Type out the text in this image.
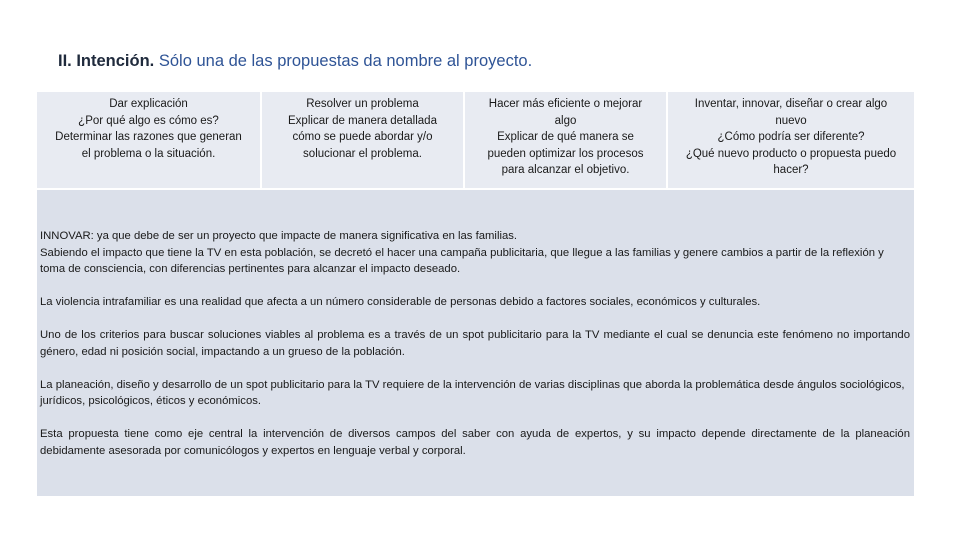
II. Intención. Sólo una de las propuestas da nombre al proyecto.
Dar explicación
¿Por qué algo es cómo es?
Determinar las razones que generan
el problema o la situación.
Resolver un problema
Explicar de manera detallada
cómo se puede abordar y/o
solucionar el problema.
Hacer más eficiente o mejorar
algo
Explicar de qué manera se
pueden optimizar los procesos
para alcanzar el objetivo.
Inventar, innovar, diseñar o crear algo
nuevo
¿Cómo podría ser diferente?
¿Qué nuevo producto o propuesta puedo
hacer?

INNOVAR: ya que debe de ser un proyecto que impacte de manera significativa en las familias.
Sabiendo el impacto que tiene la TV en esta población, se decretó el hacer una campaña publicitaria, que llegue a las familias y genere cambios a partir de la reflexión y toma de consciencia, con diferencias pertinentes para alcanzar el impacto deseado.

La violencia intrafamiliar es una realidad que afecta a un número considerable de personas debido a factores sociales, económicos y culturales.

Uno de los criterios para buscar soluciones viables al problema es a través de un spot publicitario para la TV mediante el cual se denuncia este fenómeno no importando género, edad ni posición social, impactando a un grueso de la población.

La planeación, diseño y desarrollo de un spot publicitario para la TV requiere de la intervención de varias disciplinas que aborda la problemática desde ángulos sociológicos, jurídicos, psicológicos, éticos y económicos.

Esta propuesta tiene como eje central la intervención de diversos campos del saber con ayuda de expertos, y su impacto depende directamente de la planeación debidamente asesorada por comunicólogos y expertos en lenguaje verbal y corporal.
